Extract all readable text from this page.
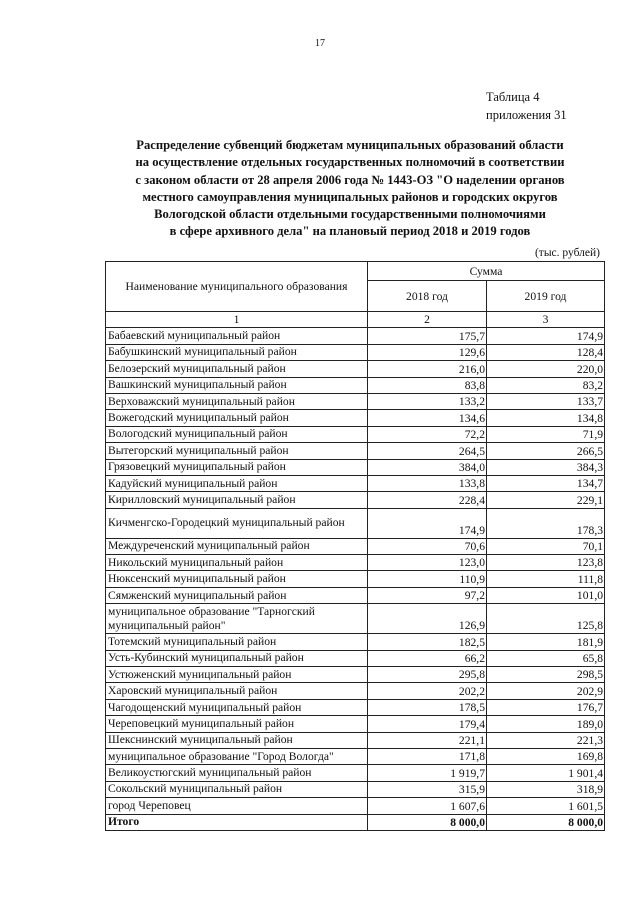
17
Таблица 4
приложения 31
Распределение субвенций бюджетам муниципальных образований области
на осуществление отдельных государственных полномочий в соответствии
с законом области от 28 апреля 2006 года № 1443-ОЗ "О наделении органов
местного самоуправления муниципальных районов и городских округов
Вологодской области отдельными государственными полномочиями
в сфере архивного дела" на плановый период 2018 и 2019 годов
(тыс. рублей)
Наименование муниципального образования	Сумма	
	2018 год	2019 год
1	2	3
Бабаевский муниципальный район	175,7	174,9
Бабушкинский муниципальный район	129,6	128,4
Белозерский муниципальный район	216,0	220,0
Вашкинский муниципальный район	83,8	83,2
Верховажский муниципальный район	133,2	133,7
Вожегодский муниципальный район	134,6	134,8
Вологодский муниципальный район	72,2	71,9
Вытегорский муниципальный район	264,5	266,5
Грязовецкий муниципальный район	384,0	384,3
Кадуйский муниципальный район	133,8	134,7
Кирилловский муниципальный район	228,4	229,1
Кичменгско-Городецкий муниципальный район	174,9	178,3
Междуреченский муниципальный район	70,6	70,1
Никольский муниципальный район	123,0	123,8
Нюксенский муниципальный район	110,9	111,8
Сямженский муниципальный район	97,2	101,0
муниципальное образование "Тарногский муниципальный район"	126,9	125,8
Тотемский муниципальный район	182,5	181,9
Усть-Кубинский муниципальный район	66,2	65,8
Устюженский муниципальный район	295,8	298,5
Харовский муниципальный район	202,2	202,9
Чагодощенский муниципальный район	178,5	176,7
Череповецкий муниципальный район	179,4	189,0
Шекснинский муниципальный район	221,1	221,3
муниципальное образование "Город Вологда"	171,8	169,8
Великоустюгский муниципальный район	1 919,7	1 901,4
Сокольский муниципальный район	315,9	318,9
город Череповец	1 607,6	1 601,5
Итого	8 000,0	8 000,0
